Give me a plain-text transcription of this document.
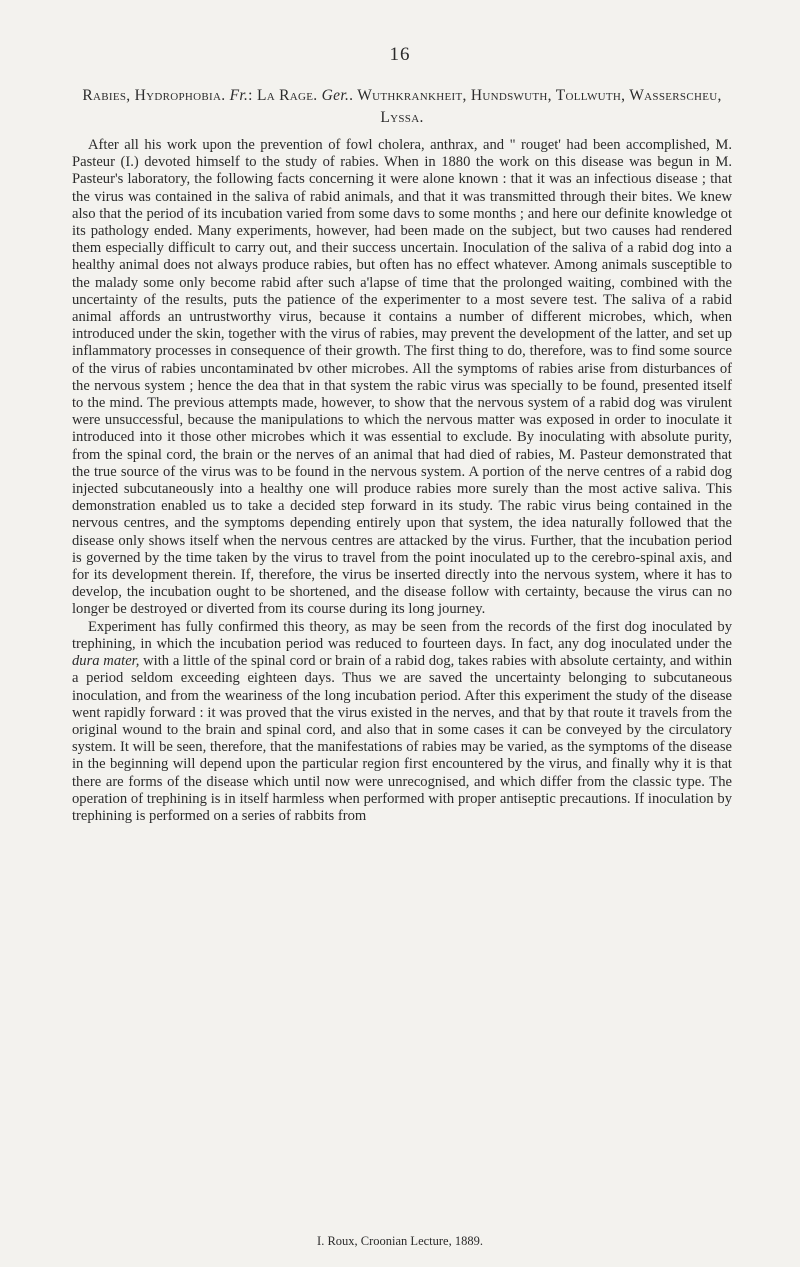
16
Rabies, Hydrophobia. Fr.: La Rage. Ger.. Wuthkrankheit, Hundswuth, Tollwuth, Wasserscheu, Lyssa.

After all his work upon the prevention of fowl cholera, anthrax, and " rouget' had been accomplished, M. Pasteur (I.) devoted himself to the study of rabies. When in 1880 the work on this disease was begun in M. Pasteur's laboratory, the following facts concerning it were alone known : that it was an infectious disease ; that the virus was contained in the saliva of rabid animals, and that it was transmitted through their bites. We knew also that the period of its incubation varied from some davs to some months ; and here our definite knowledge ot its pathology ended. Many experiments, however, had been made on the subject, but two causes had rendered them especially difficult to carry out, and their success uncertain. Inoculation of the saliva of a rabid dog into a healthy animal does not always produce rabies, but often has no effect whatever. Among animals susceptible to the malady some only become rabid after such a'lapse of time that the prolonged waiting, combined with the uncertainty of the results, puts the patience of the experimenter to a most severe test. The saliva of a rabid animal affords an untrustworthy virus, because it contains a number of different microbes, which, when introduced under the skin, together with the virus of rabies, may prevent the development of the latter, and set up inflammatory processes in consequence of their growth. The first thing to do, therefore, was to find some source of the virus of rabies uncontaminated bv other microbes. All the symptoms of rabies arise from disturbances of the nervous system ; hence the dea that in that system the rabic virus was specially to be found, presented itself to the mind. The previous attempts made, however, to show that the nervous system of a rabid dog was virulent were unsuccessful, because the manipulations to which the nervous matter was exposed in order to inoculate it introduced into it those other microbes which it was essential to exclude. By inoculating with absolute purity, from the spinal cord, the brain or the nerves of an animal that had died of rabies, M. Pasteur demonstrated that the true source of the virus was to be found in the nervous system. A portion of the nerve centres of a rabid dog injected subcutaneously into a healthy one will produce rabies more surely than the most active saliva. This demonstration enabled us to take a decided step forward in its study. The rabic virus being contained in the nervous centres, and the symptoms depending entirely upon that system, the idea naturally followed that the disease only shows itself when the nervous centres are attacked by the virus. Further, that the incubation period is governed by the time taken by the virus to travel from the point inoculated up to the cerebro-spinal axis, and for its development therein. If, therefore, the virus be inserted directly into the nervous system, where it has to develop, the incubation ought to be shortened, and the disease follow with certainty, because the virus can no longer be destroyed or diverted from its course during its long journey.

Experiment has fully confirmed this theory, as may be seen from the records of the first dog inoculated by trephining, in which the incubation period was reduced to fourteen days. In fact, any dog inoculated under the dura mater, with a little of the spinal cord or brain of a rabid dog, takes rabies with absolute certainty, and within a period seldom exceeding eighteen days. Thus we are saved the uncertainty belonging to subcutaneous inoculation, and from the weariness of the long incubation period. After this experiment the study of the disease went rapidly forward : it was proved that the virus existed in the nerves, and that by that route it travels from the original wound to the brain and spinal cord, and also that in some cases it can be conveyed by the circulatory system. It will be seen, therefore, that the manifestations of rabies may be varied, as the symptoms of the disease in the beginning will depend upon the particular region first encountered by the virus, and finally why it is that there are forms of the disease which until now were unrecognised, and which differ from the classic type. The operation of trephining is in itself harmless when performed with proper antiseptic precautions. If inoculation by trephining is performed on a series of rabbits from

I. Roux, Croonian Lecture, 1889.
